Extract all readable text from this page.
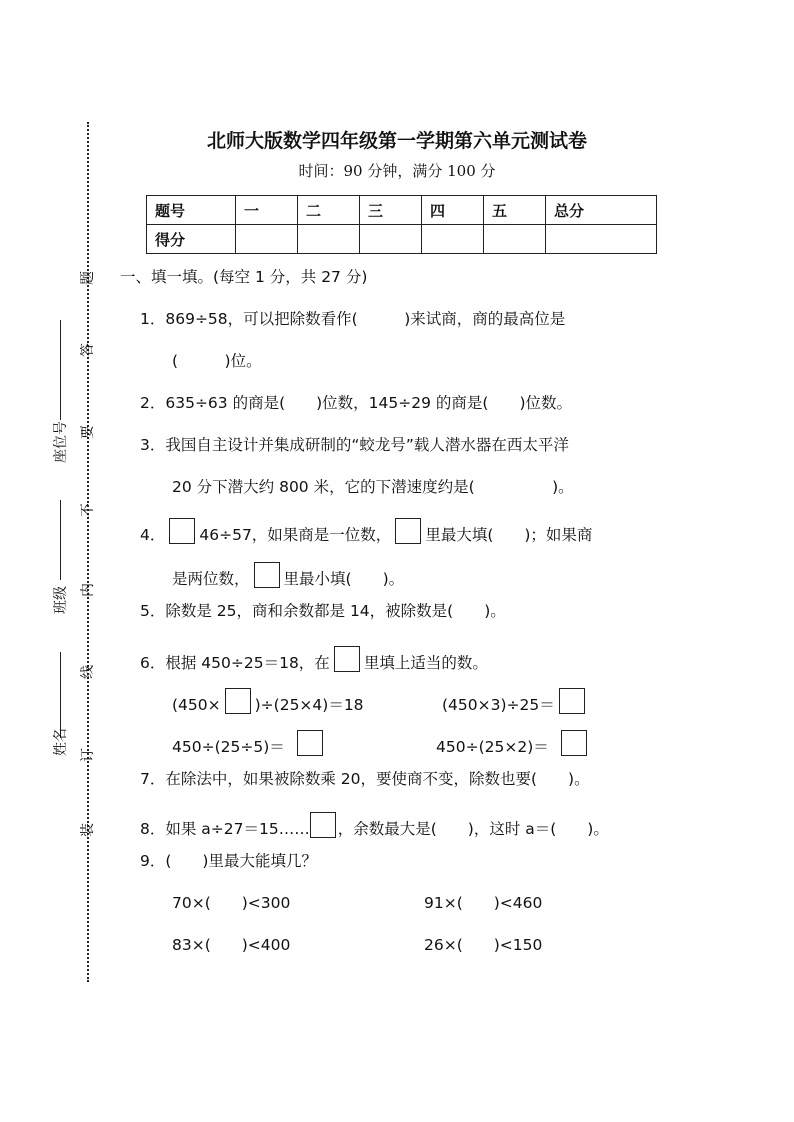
题
答
要
不
内
线
订
装
座位号
班级
姓名
北师大版数学四年级第一学期第六单元测试卷
时间：90 分钟，满分 100 分
题号	一	二	三	四	五	总分
得分						
一、填一填。(每空 1 分，共 27 分)
1．869÷58，可以把除数看作(　　　)来试商，商的最高位是
(　　　)位。
2．635÷63 的商是(　　)位数，145÷29 的商是(　　)位数。
3．我国自主设计并集成研制的“蛟龙号”载人潜水器在西太平洋
20 分下潜大约 800 米，它的下潜速度约是(　　　　　)。
4． 46÷57，如果商是一位数， 里最大填(　　)；如果商
是两位数， 里最小填(　　)。
5．除数是 25，商和余数都是 14，被除数是(　　)。
6．根据 450÷25＝18，在 里填上适当的数。
(450× )÷(25×4)＝18	(450×3)÷25＝
450÷(25÷5)＝	450÷(25×2)＝
7．在除法中，如果被除数乘 20，要使商不变，除数也要(　　)。
8．如果 a÷27＝15…… ，余数最大是(　　)，这时 a＝(　　)。
9．(　　)里最大能填几？
70×(　　)<300	91×(　　)<460
83×(　　)<400	26×(　　)<150
